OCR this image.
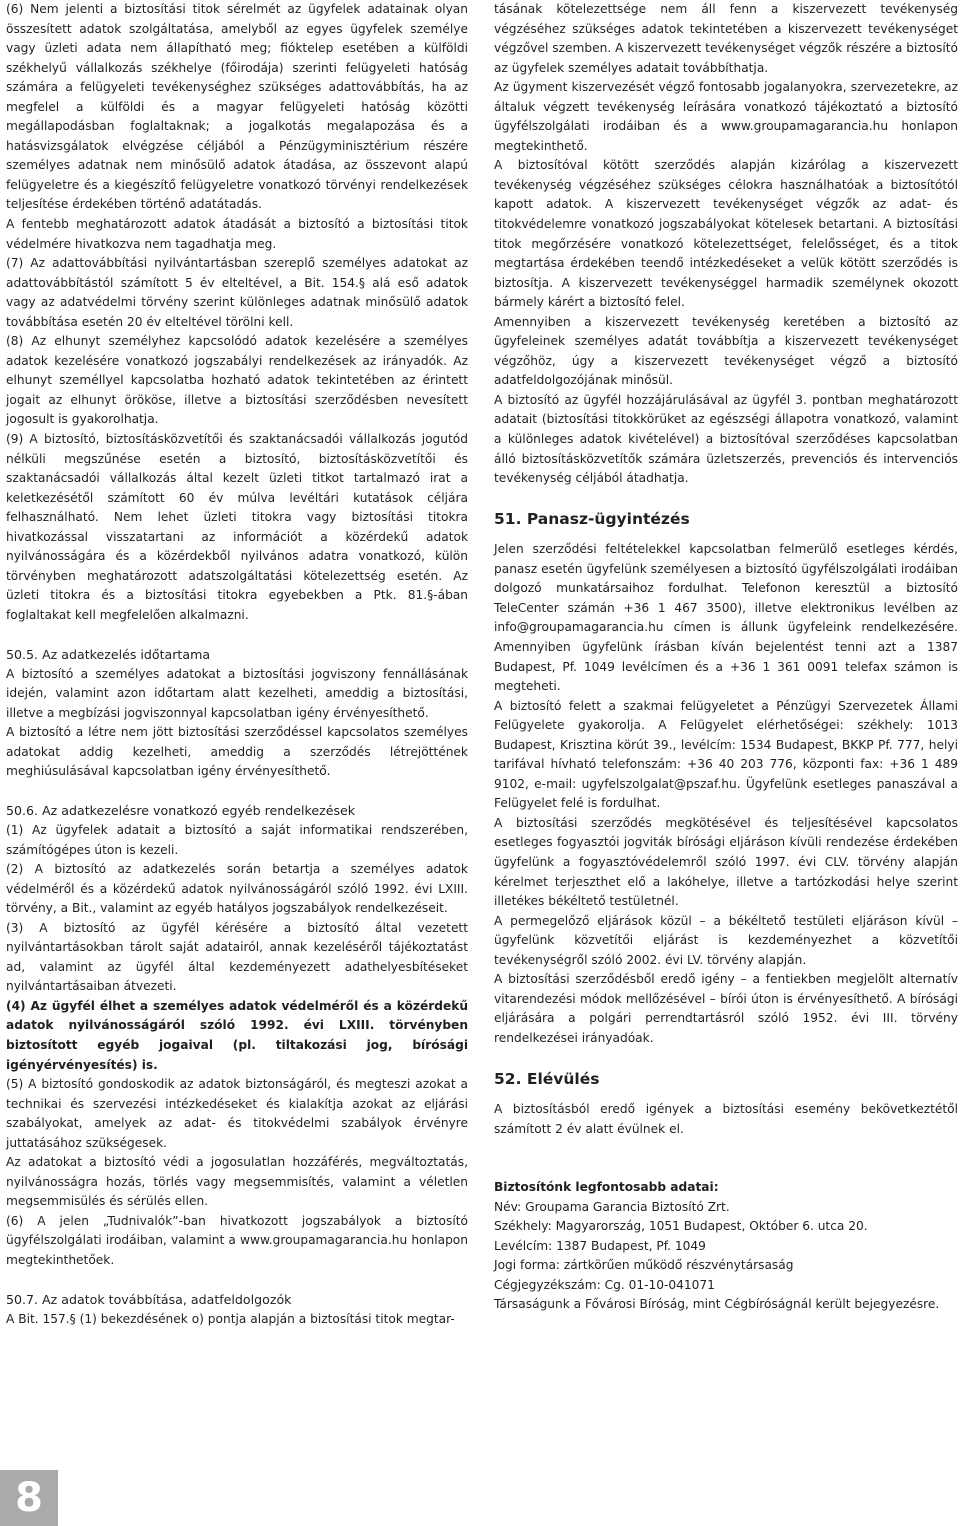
(6) Nem jelenti a biztosítási titok sérelmét az ügyfelek adatainak olyan összesített adatok szolgáltatása, amelyből az egyes ügyfelek személye vagy üzleti adata nem állapítható meg; fióktelep esetében a külföldi székhelyű vállalkozás székhelye (főirodája) szerinti felügyeleti hatóság számára a felügyeleti tevékenységhez szükséges adattovábbítás, ha az megfelel a külföldi és a magyar felügyeleti hatóság közötti megállapodásban foglaltaknak; a jogalkotás megalapozása és a hatásvizsgálatok elvégzése céljából a Pénzügyminisztérium részére személyes adatnak nem minősülő adatok átadása, az összevont alapú felügyeletre és a kiegészítő felügyeletre vonatkozó törvényi rendelkezések teljesítése érdekében történő adatátadás.

A fentebb meghatározott adatok átadását a biztosító a biztosítási titok védelmére hivatkozva nem tagadhatja meg.

(7) Az adattovábbítási nyilvántartásban szereplő személyes adatokat az adattovábbítástól számított 5 év elteltével, a Bit. 154.§ alá eső adatok vagy az adatvédelmi törvény szerint különleges adatnak minősülő adatok továbbítása esetén 20 év elteltével törölni kell.

(8) Az elhunyt személyhez kapcsolódó adatok kezelésére a személyes adatok kezelésére vonatkozó jogszabályi rendelkezések az irányadók. Az elhunyt személlyel kapcsolatba hozható adatok tekintetében az érintett jogait az elhunyt örököse, illetve a biztosítási szerződésben nevesített jogosult is gyakorolhatja.

(9) A biztosító, biztosításközvetítői és szaktanácsadói vállalkozás jogutód nélküli megszűnése esetén a biztosító, biztosításközvetítői és szaktanácsadói vállalkozás által kezelt üzleti titkot tartalmazó irat a keletkezésétől számított 60 év múlva levéltári kutatások céljára felhasználható. Nem lehet üzleti titokra vagy biztosítási titokra hivatkozással visszatartani az információt a közérdekű adatok nyilvánosságára és a közérdekből nyilvános adatra vonatkozó, külön törvényben meghatározott adatszolgáltatási kötelezettség esetén. Az üzleti titokra és a biztosítási titokra egyebekben a Ptk. 81.§-ában foglaltakat kell megfelelően alkalmazni.

50.5. Az adatkezelés időtartama

A biztosító a személyes adatokat a biztosítási jogviszony fennállásának idején, valamint azon időtartam alatt kezelheti, ameddig a biztosítási, illetve a megbízási jogviszonnyal kapcsolatban igény érvényesíthető.

A biztosító a létre nem jött biztosítási szerződéssel kapcsolatos személyes adatokat addig kezelheti, ameddig a szerződés létrejöttének meghiúsulásával kapcsolatban igény érvényesíthető.

50.6. Az adatkezelésre vonatkozó egyéb rendelkezések

(1) Az ügyfelek adatait a biztosító a saját informatikai rendszerében, számítógépes úton is kezeli.

(2) A biztosító az adatkezelés során betartja a személyes adatok védelméről és a közérdekű adatok nyilvánosságáról szóló 1992. évi LXIII. törvény, a Bit., valamint az egyéb hatályos jogszabályok rendelkezéseit.

(3) A biztosító az ügyfél kérésére a biztosító által vezetett nyilvántartásokban tárolt saját adatairól, annak kezeléséről tájékoztatást ad, valamint az ügyfél által kezdeményezett adathelyesbítéseket nyilvántartásaiban átvezeti.

(4) Az ügyfél élhet a személyes adatok védelméről és a közérdekű adatok nyilvánosságáról szóló 1992. évi LXIII. törvényben biztosított egyéb jogaival (pl. tiltakozási jog, bírósági igényérvényesítés) is.

(5) A biztosító gondoskodik az adatok biztonságáról, és megteszi azokat a technikai és szervezési intézkedéseket és kialakítja azokat az eljárási szabályokat, amelyek az adat- és titokvédelmi szabályok érvényre juttatásához szükségesek.

Az adatokat a biztosító védi a jogosulatlan hozzáférés, megváltoztatás, nyilvánosságra hozás, törlés vagy megsemmisítés, valamint a véletlen megsemmisülés és sérülés ellen.

(6) A jelen „Tudnivalók”-ban hivatkozott jogszabályok a biztosító ügyfélszolgálati irodáiban, valamint a www.groupamagarancia.hu honlapon megtekinthetőek.

50.7. Az adatok továbbítása, adatfeldolgozók

A Bit. 157.§ (1) bekezdésének o) pontja alapján a biztosítási titok megtar-

tásának kötelezettsége nem áll fenn a kiszervezett tevékenység végzéséhez szükséges adatok tekintetében a kiszervezett tevékenységet végzővel szemben. A kiszervezett tevékenységet végzők részére a biztosító az ügyfelek személyes adatait továbbíthatja.

Az ügyment kiszervezését végző fontosabb jogalanyokra, szervezetekre, az általuk végzett tevékenység leírására vonatkozó tájékoztató a biztosító ügyfélszolgálati irodáiban és a www.groupamagarancia.hu honlapon megtekinthető.

A biztosítóval kötött szerződés alapján kizárólag a kiszervezett tevékenység végzéséhez szükséges célokra használhatóak a biztosítótól kapott adatok. A kiszervezett tevékenységet végzők az adat- és titokvédelemre vonatkozó jogszabályokat kötelesek betartani. A biztosítási titok megőrzésére vonatkozó kötelezettséget, felelősséget, és a titok megtartása érdekében teendő intézkedéseket a velük kötött szerződés is biztosítja. A kiszervezett tevékenységgel harmadik személynek okozott bármely kárért a biztosító felel.

Amennyiben a kiszervezett tevékenység keretében a biztosító az ügyfeleinek személyes adatát továbbítja a kiszervezett tevékenységet végzőhöz, úgy a kiszervezett tevékenységet végző a biztosító adatfeldolgozójának minősül.

A biztosító az ügyfél hozzájárulásával az ügyfél 3. pontban meghatározott adatait (biztosítási titokkörüket az egészségi állapotra vonatkozó, valamint a különleges adatok kivételével) a biztosítóval szerződéses kapcsolatban álló biztosításközvetítők számára üzletszerzés, prevenciós és intervenciós tevékenység céljából átadhatja.

51. Panasz-ügyintézés

Jelen szerződési feltételekkel kapcsolatban felmerülő esetleges kérdés, panasz esetén ügyfelünk személyesen a biztosító ügyfélszolgálati irodáiban dolgozó munkatársaihoz fordulhat. Telefonon keresztül a biztosító TeleCenter számán +36 1 467 3500), illetve elektronikus levélben az info@groupamagarancia.hu címen is állunk ügyfeleink rendelkezésére. Amennyiben ügyfelünk írásban kíván bejelentést tenni azt a 1387 Budapest, Pf. 1049 levélcímen és a +36 1 361 0091 telefax számon is megteheti.

A biztosító felett a szakmai felügyeletet a Pénzügyi Szervezetek Állami Felügyelete gyakorolja. A Felügyelet elérhetőségei: székhely: 1013 Budapest, Krisztina körút 39., levélcím: 1534 Budapest, BKKP Pf. 777, helyi tarifával hívható telefonszám: +36 40 203 776, központi fax: +36 1 489 9102, e-mail: ugyfelszolgalat@pszaf.hu. Ügyfelünk esetleges panaszával a Felügyelet felé is fordulhat.

A biztosítási szerződés megkötésével és teljesítésével kapcsolatos esetleges fogyasztói jogviták bírósági eljáráson kívüli rendezése érdekében ügyfelünk a fogyasztóvédelemről szóló 1997. évi CLV. törvény alapján kérelmet terjeszthet elő a lakóhelye, illetve a tartózkodási helye szerint illetékes békéltető testületnél.

A permegelőző eljárások közül – a békéltető testületi eljáráson kívül – ügyfelünk közvetítői eljárást is kezdeményezhet a közvetítői tevékenységről szóló 2002. évi LV. törvény alapján.

A biztosítási szerződésből eredő igény – a fentiekben megjelölt alternatív vitarendezési módok mellőzésével – bírói úton is érvényesíthető. A bírósági eljárására a polgári perrendtartásról szóló 1952. évi III. törvény rendelkezései irányadóak.

52. Elévülés

A biztosításból eredő igények a biztosítási esemény bekövetkeztétől számított 2 év alatt évülnek el.

Biztosítónk legfontosabb adatai:

Név: Groupama Garancia Biztosító Zrt.

Székhely: Magyarország, 1051 Budapest, Október 6. utca 20.

Levélcím: 1387 Budapest, Pf. 1049

Jogi forma: zártkörűen működő részvénytársaság

Cégjegyzékszám: Cg. 01-10-041071

Társaságunk a Fővárosi Bíróság, mint Cégbíróságnál került bejegyezésre.

8
